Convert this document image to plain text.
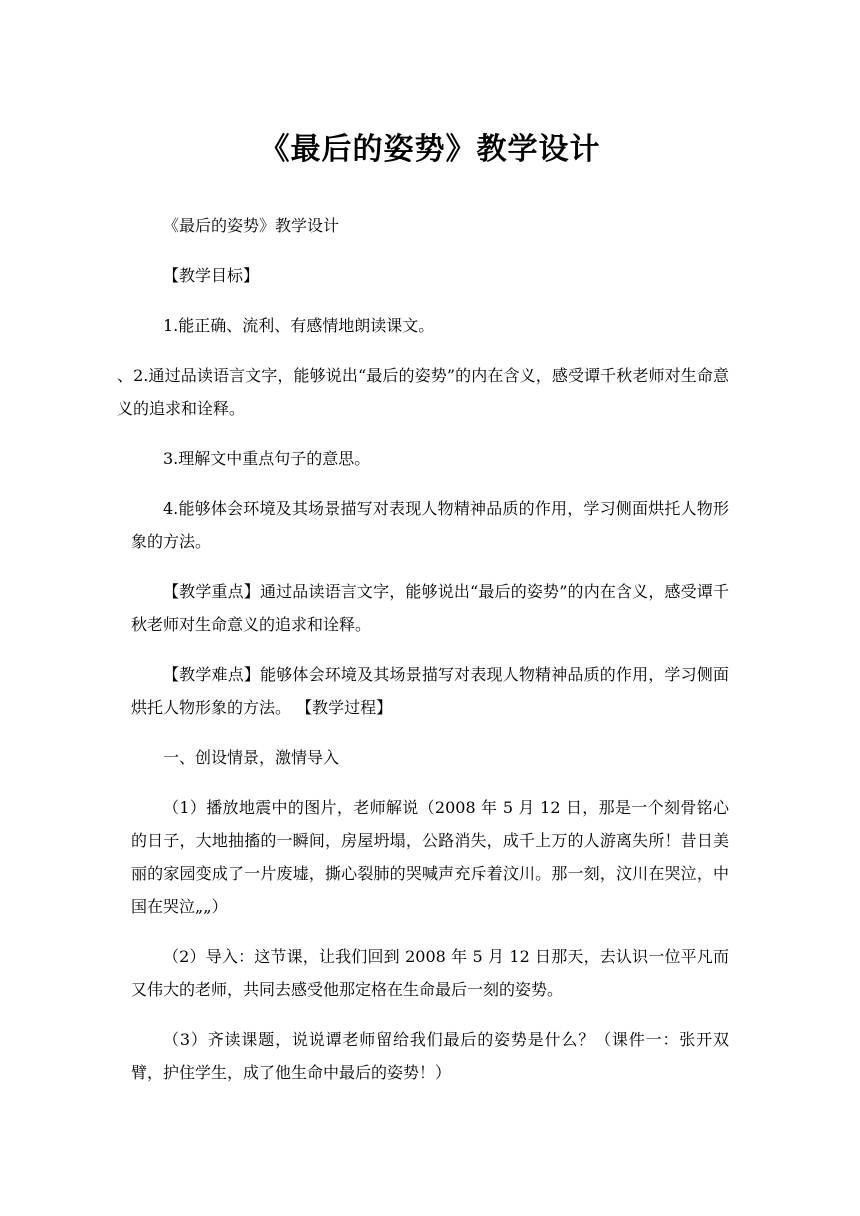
《最后的姿势》教学设计

《最后的姿势》教学设计

【教学目标】

1.能正确、流利、有感情地朗读课文。

、2.通过品读语言文字，能够说出“最后的姿势”的内在含义，感受谭千秋老师对生命意义的追求和诠释。

3.理解文中重点句子的意思。

4.能够体会环境及其场景描写对表现人物精神品质的作用，学习侧面烘托人物形象的方法。

【教学重点】通过品读语言文字，能够说出“最后的姿势”的内在含义，感受谭千秋老师对生命意义的追求和诠释。

【教学难点】能够体会环境及其场景描写对表现人物精神品质的作用，学习侧面烘托人物形象的方法。 【教学过程】

一、创设情景，激情导入

（1）播放地震中的图片，老师解说（2008 年 5 月 12 日，那是一个刻骨铭心的日子，大地抽搐的一瞬间，房屋坍塌，公路消失，成千上万的人游离失所！昔日美丽的家园变成了一片废墟，撕心裂肺的哭喊声充斥着汶川。那一刻，汶川在哭泣，中国在哭泣„„）

（2）导入：这节课，让我们回到 2008 年 5 月 12 日那天，去认识一位平凡而又伟大的老师，共同去感受他那定格在生命最后一刻的姿势。

（3）齐读课题，说说谭老师留给我们最后的姿势是什么？（课件一：张开双臂，护住学生，成了他生命中最后的姿势！）
